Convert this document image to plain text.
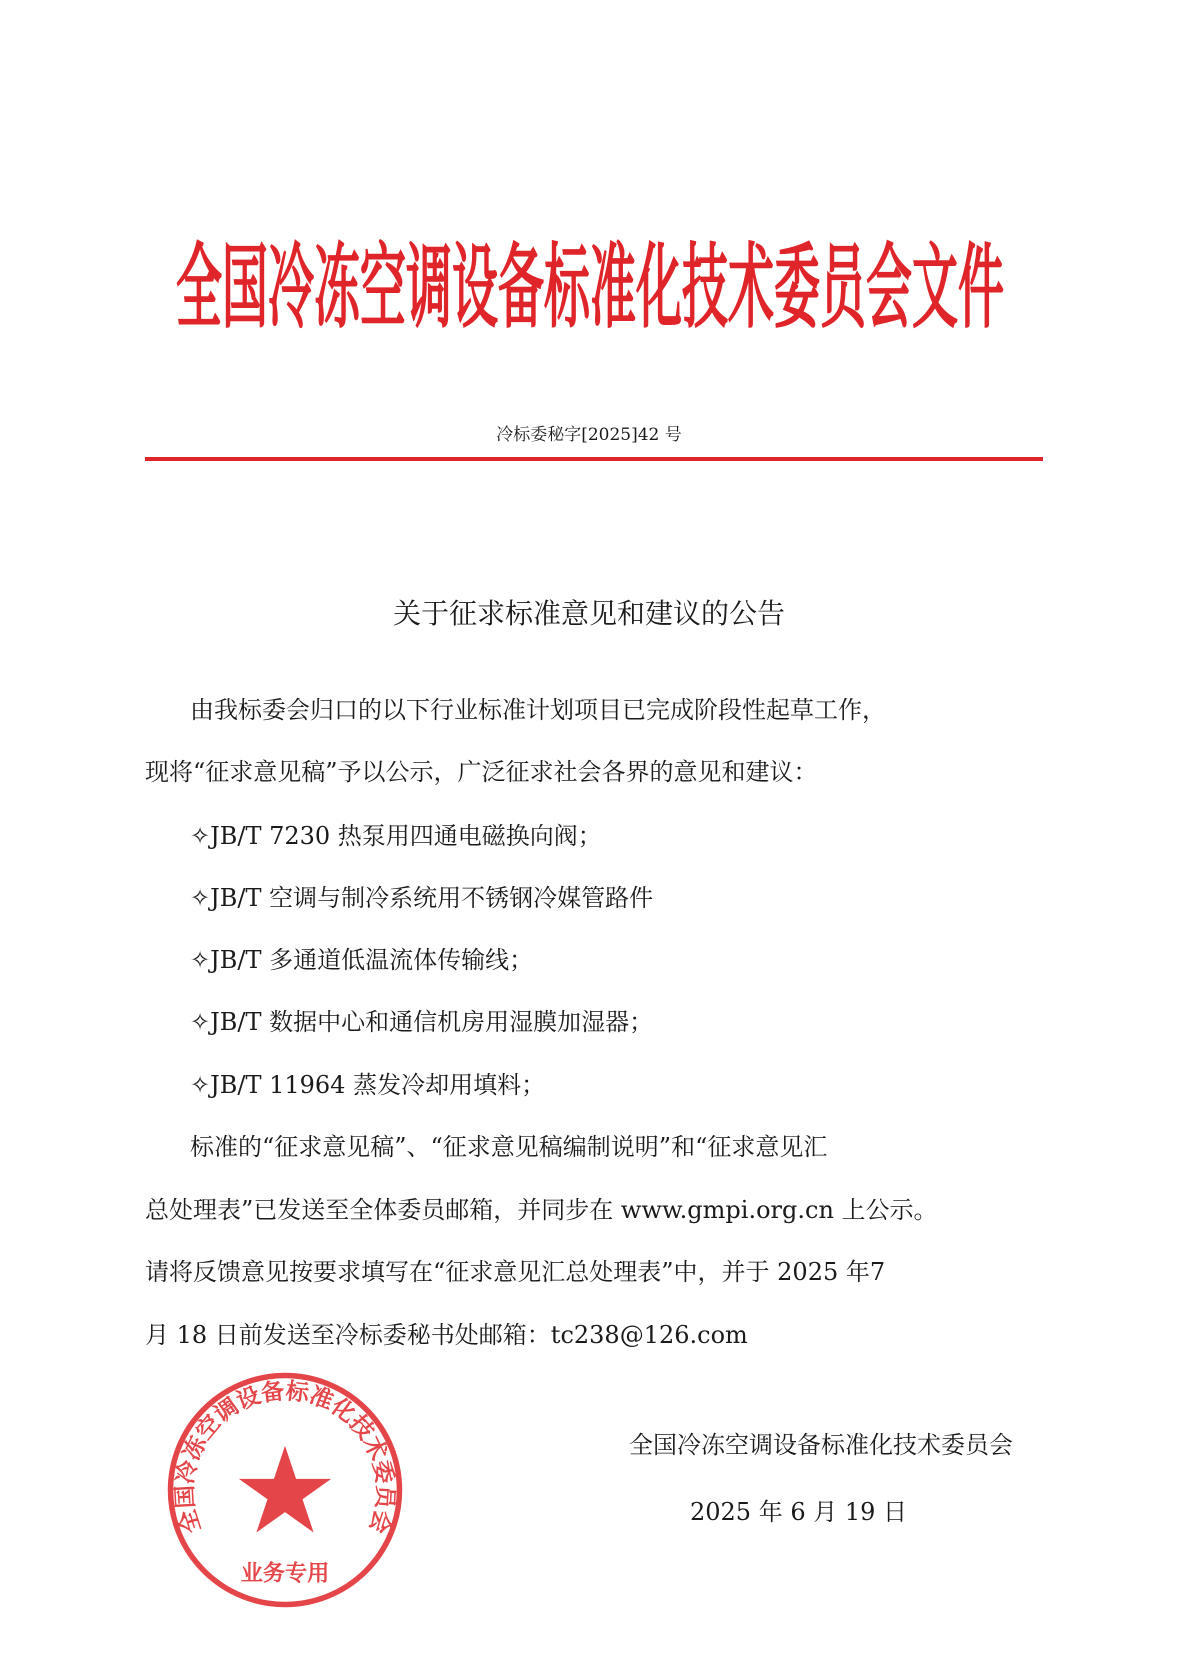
全国冷冻空调设备标准化技术委员会文件
冷标委秘字[2025]42 号
关于征求标准意见和建议的公告
由我标委会归口的以下行业标准计划项目已完成阶段性起草工作，
现将“征求意见稿”予以公示，广泛征求社会各界的意见和建议：
✧JB/T 7230 热泵用四通电磁换向阀；
✧JB/T 空调与制冷系统用不锈钢冷媒管路件
✧JB/T 多通道低温流体传输线；
✧JB/T 数据中心和通信机房用湿膜加湿器；
✧JB/T 11964 蒸发冷却用填料；
标准的“征求意见稿”、“征求意见稿编制说明”和“征求意见汇
总处理表”已发送至全体委员邮箱，并同步在 www.gmpi.org.cn 上公示。
请将反馈意见按要求填写在“征求意见汇总处理表”中，并于 2025 年7
月 18 日前发送至冷标委秘书处邮箱：tc238@126.com
全国冷冻空调设备标准化技术委员会
业务专用
全国冷冻空调设备标准化技术委员会
2025 年 6 月 19 日
